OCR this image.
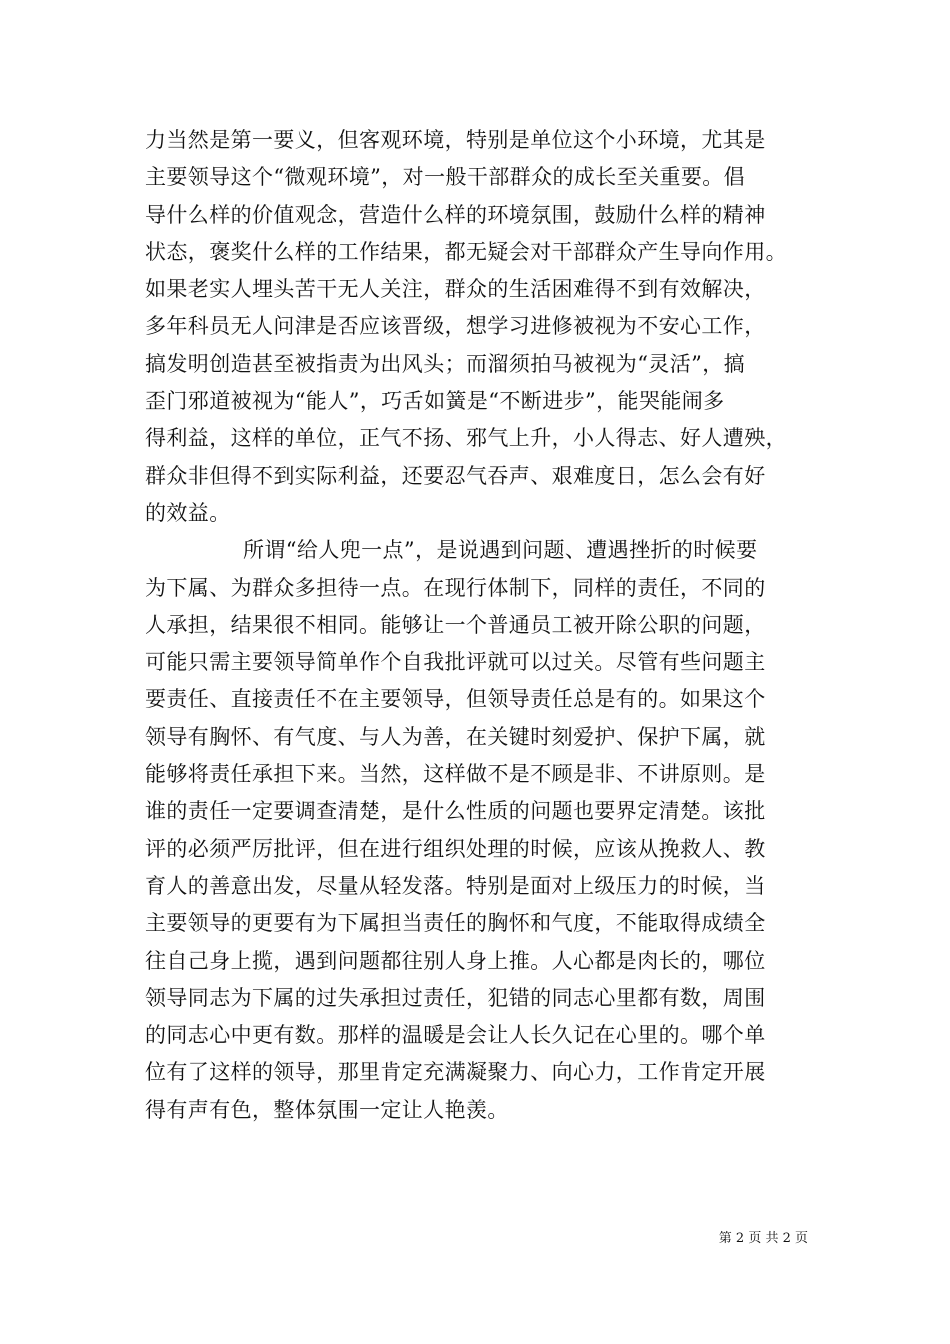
力当然是第一要义，但客观环境，特别是单位这个小环境，尤其是
主要领导这个“微观环境”，对一般干部群众的成长至关重要。倡
导什么样的价值观念，营造什么样的环境氛围，鼓励什么样的精神
状态，褒奖什么样的工作结果，都无疑会对干部群众产生导向作用。
如果老实人埋头苦干无人关注，群众的生活困难得不到有效解决，
多年科员无人问津是否应该晋级，想学习进修被视为不安心工作，
搞发明创造甚至被指责为出风头；而溜须拍马被视为“灵活”，搞
歪门邪道被视为“能人”，巧舌如簧是“不断进步”，能哭能闹多
得利益，这样的单位，正气不扬、邪气上升，小人得志、好人遭殃，
群众非但得不到实际利益，还要忍气吞声、艰难度日，怎么会有好
的效益。
所谓“给人兜一点”，是说遇到问题、遭遇挫折的时候要
为下属、为群众多担待一点。在现行体制下，同样的责任，不同的
人承担，结果很不相同。能够让一个普通员工被开除公职的问题，
可能只需主要领导简单作个自我批评就可以过关。尽管有些问题主
要责任、直接责任不在主要领导，但领导责任总是有的。如果这个
领导有胸怀、有气度、与人为善，在关键时刻爱护、保护下属，就
能够将责任承担下来。当然，这样做不是不顾是非、不讲原则。是
谁的责任一定要调查清楚，是什么性质的问题也要界定清楚。该批
评的必须严厉批评，但在进行组织处理的时候，应该从挽救人、教
育人的善意出发，尽量从轻发落。特别是面对上级压力的时候，当
主要领导的更要有为下属担当责任的胸怀和气度，不能取得成绩全
往自己身上揽，遇到问题都往别人身上推。人心都是肉长的，哪位
领导同志为下属的过失承担过责任，犯错的同志心里都有数，周围
的同志心中更有数。那样的温暖是会让人长久记在心里的。哪个单
位有了这样的领导，那里肯定充满凝聚力、向心力，工作肯定开展
得有声有色，整体氛围一定让人艳羡。
第 2 页 共 2 页
